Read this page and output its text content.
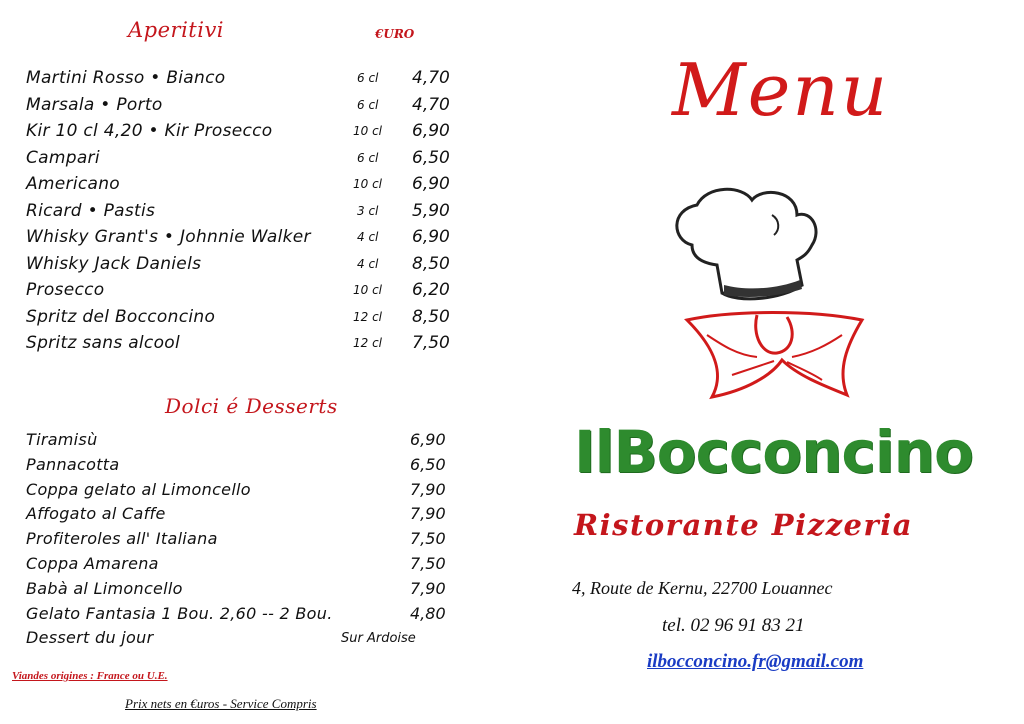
Aperitivi	€URO
Martini Rosso • Bianco	6 cl 4,70
Marsala • Porto	6 cl 4,70
Kir 10 cl 4,20 • Kir Prosecco	10 cl 6,90
Campari	6 cl 6,50
Americano	10 cl 6,90
Ricard • Pastis	3 cl 5,90
Whisky Grant's • Johnnie Walker	4 cl 6,90
Whisky Jack Daniels	4 cl 8,50
Prosecco	10 cl 6,20
Spritz del Bocconcino	12 cl 8,50
Spritz sans alcool	12 cl 7,50
Dolci é Desserts
Tiramisù	6,90
Pannacotta	6,50
Coppa gelato al Limoncello	7,90
Affogato al Caffe	7,90
Profiteroles all' Italiana	7,50
Coppa Amarena	7,50
Babà al Limoncello	7,90
Gelato Fantasia 1 Bou. 2,60 -- 2 Bou.	4,80
Dessert du jour	Sur Ardoise
Viandes origines : France ou U.E.
Prix nets en €uros - Service Compris
Menu
IlBocconcino
Ristorante Pizzeria
4, Route de Kernu, 22700 Louannec
tel. 02 96 91 83 21
ilbocconcino.fr@gmail.com
